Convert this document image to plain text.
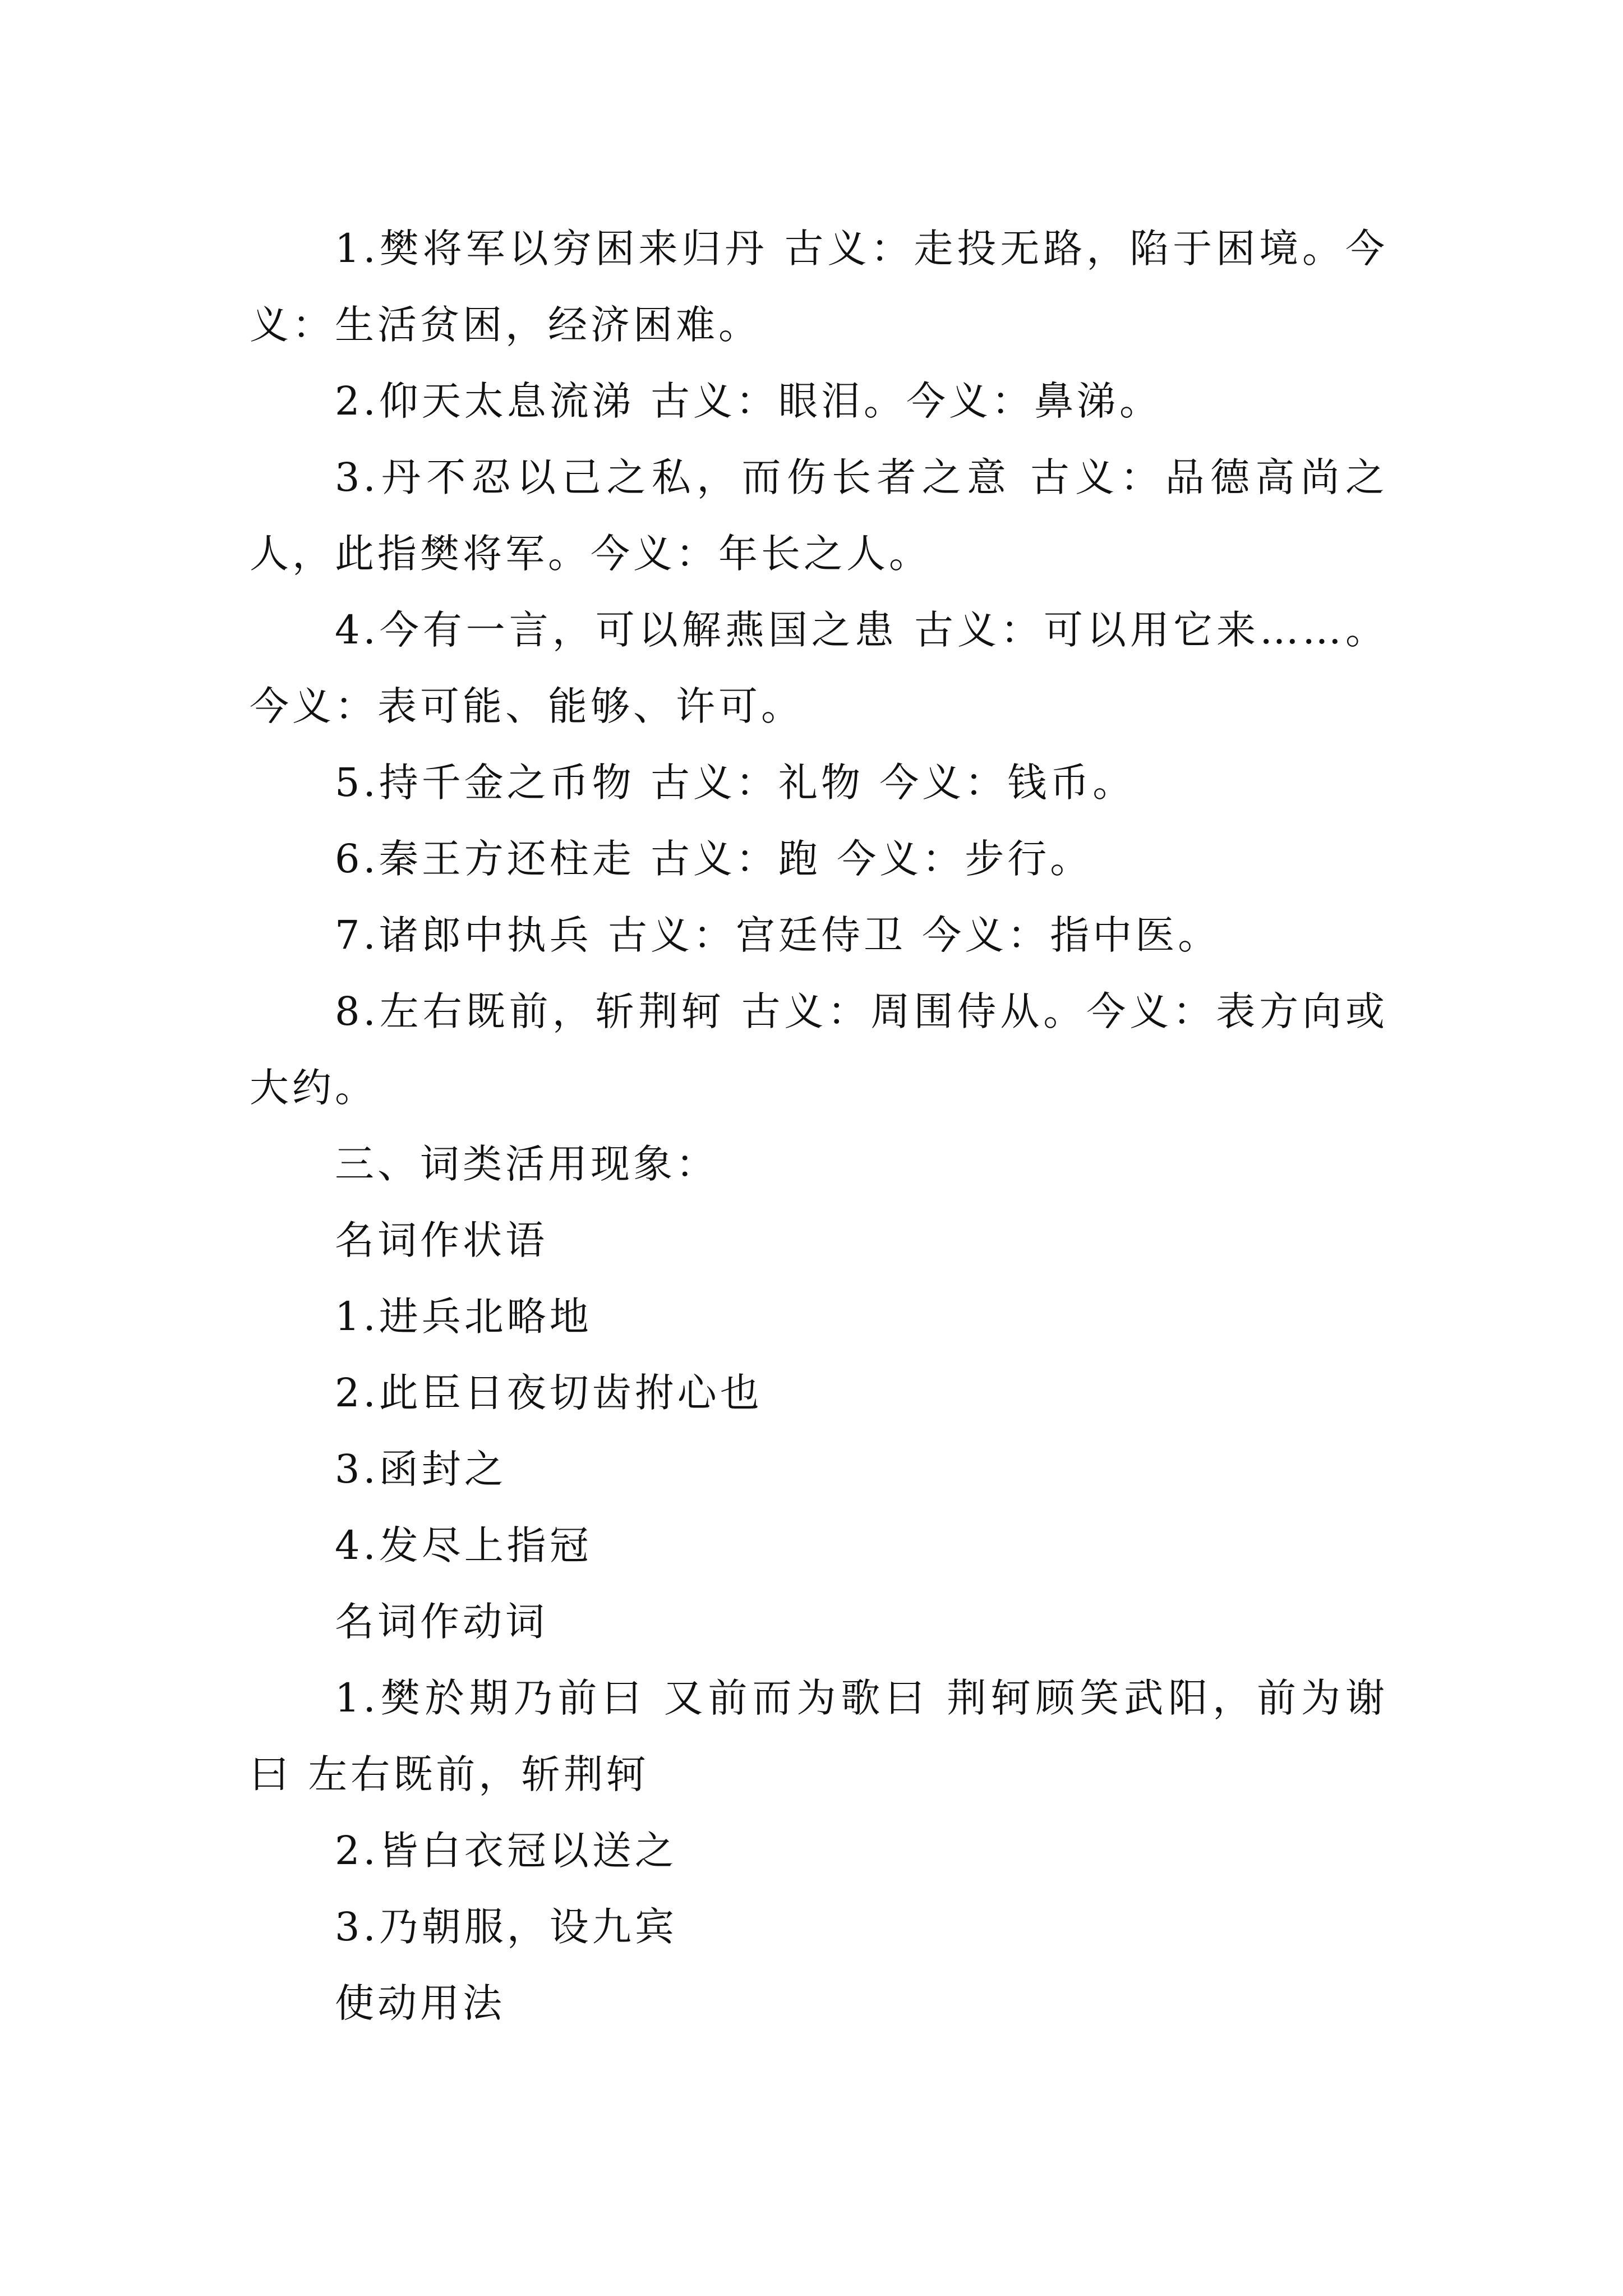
1.樊将军以穷困来归丹 古义：走投无路，陷于困境。今义：生活贫困，经济困难。

2.仰天太息流涕 古义：眼泪。今义：鼻涕。

3.丹不忍以己之私，而伤长者之意 古义：品德高尚之人，此指樊将军。今义：年长之人。

4.今有一言，可以解燕国之患 古义：可以用它来……。今义：表可能、能够、许可。

5.持千金之币物 古义：礼物 今义：钱币。

6.秦王方还柱走 古义：跑 今义：步行。

7.诸郎中执兵 古义：宫廷侍卫 今义：指中医。

8.左右既前，斩荆轲 古义：周围侍从。今义：表方向或大约。

三、词类活用现象：

名词作状语

1.进兵北略地

2.此臣日夜切齿拊心也

3.函封之

4.发尽上指冠

名词作动词

1.樊於期乃前曰 又前而为歌曰 荆轲顾笑武阳，前为谢曰 左右既前，斩荆轲

2.皆白衣冠以送之

3.乃朝服，设九宾

使动用法
